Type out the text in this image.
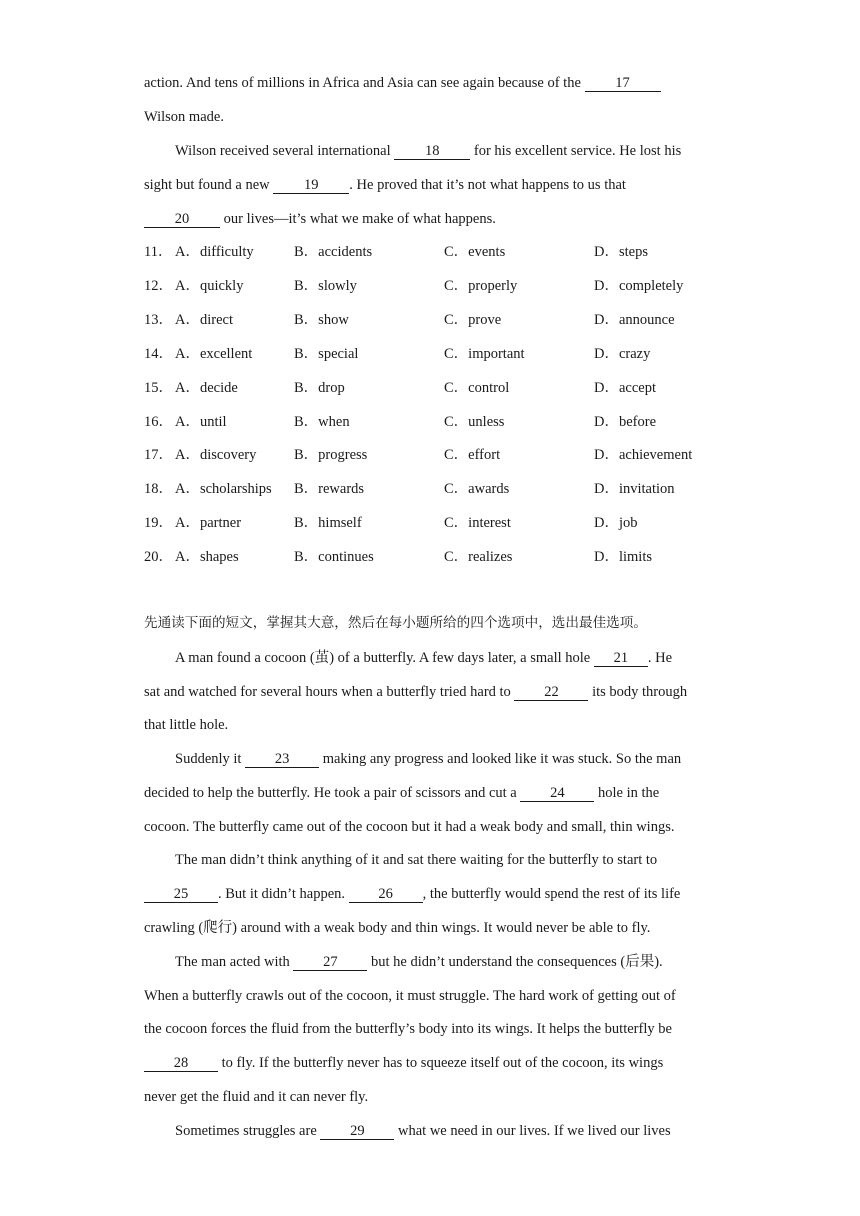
action. And tens of millions in Africa and Asia can see again because of the 17
Wilson made.
Wilson received several international 18 for his excellent service. He lost his
sight but found a new 19 . He proved that it’s not what happens to us that
20 our lives—it’s what we make of what happens.
11． A．difficulty	B．accidents	C．events	D．steps
12． A．quickly	B．slowly	C．properly	D．completely
13． A．direct	B．show	C．prove	D．announce
14． A．excellent	B．special	C．important	D．crazy
15． A．decide	B．drop	C．control	D．accept
16． A．until	B．when	C．unless	D．before
17． A．discovery	B．progress	C．effort	D．achievement
18． A．scholarships B．rewards	C．awards	D．invitation
19． A．partner	B．himself	C．interest	D．job
20． A．shapes	B．continues	C．realizes	D．limits
先通读下面的短文，掌握其大意，然后在每小题所给的四个选项中，选出最佳选项。
A man found a cocoon (茧) of a butterfly. A few days later, a small hole 21 . He
sat and watched for several hours when a butterfly tried hard to 22 its body through
that little hole.
Suddenly it 23 making any progress and looked like it was stuck. So the man
decided to help the butterfly. He took a pair of scissors and cut a 24 hole in the
cocoon. The butterfly came out of the cocoon but it had a weak body and small, thin wings.
The man didn’t think anything of it and sat there waiting for the butterfly to start to
25 . But it didn’t happen. 26 , the butterfly would spend the rest of its life
crawling (爬行) around with a weak body and thin wings. It would never be able to fly.
The man acted with 27 but he didn’t understand the consequences (后果).
When a butterfly crawls out of the cocoon, it must struggle. The hard work of getting out of
the cocoon forces the fluid from the butterfly’s body into its wings. It helps the butterfly be
28 to fly. If the butterfly never has to squeeze itself out of the cocoon, its wings
never get the fluid and it can never fly.
Sometimes struggles are 29 what we need in our lives. If we lived our lives
